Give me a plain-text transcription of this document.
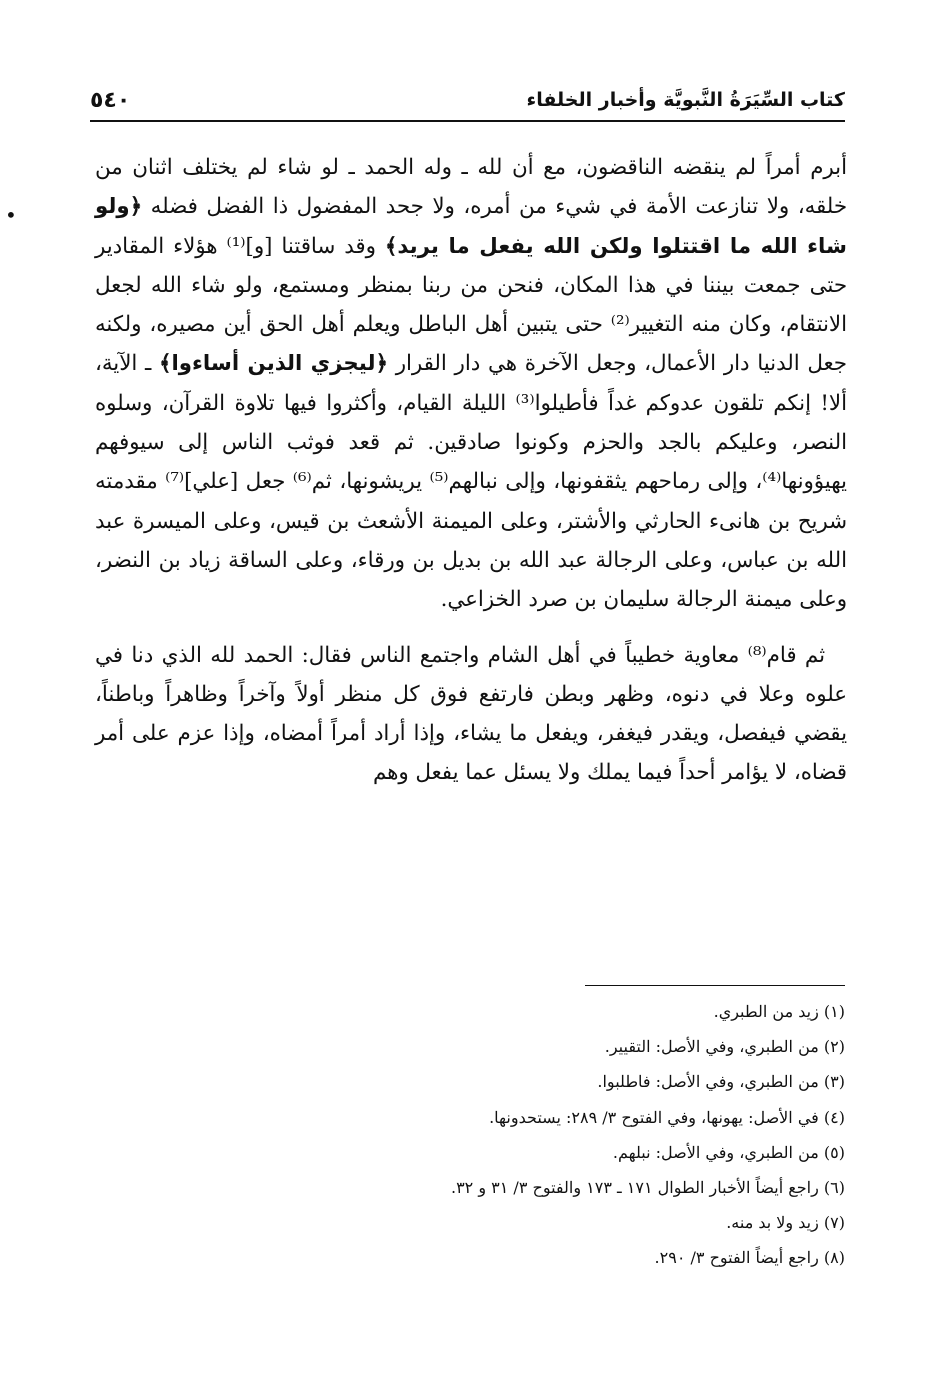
كتاب السِّيَرَةُ النَّبويَّة وأخبار الخلفاء
٥٤٠
•

أبرم أمراً لم ينقضه الناقضون، مع أن لله ـ وله الحمد ـ لو شاء لم يختلف اثنان من خلقه، ولا تنازعت الأمة في شيء من أمره، ولا جحد المفضول ذا الفضل فضله ﴿ولو شاء الله ما اقتتلوا ولكن الله يفعل ما يريد﴾ وقد ساقتنا [و]⁽¹⁾ هؤلاء المقادير حتى جمعت بيننا في هذا المكان، فنحن من ربنا بمنظر ومستمع، ولو شاء الله لجعل الانتقام، وكان منه التغيير⁽²⁾ حتى يتبين أهل الباطل ويعلم أهل الحق أين مصيره، ولكنه جعل الدنيا دار الأعمال، وجعل الآخرة هي دار القرار ﴿ليجزي الذين أساءوا﴾ ـ الآية، ألا! إنكم تلقون عدوكم غداً فأطيلوا⁽³⁾ الليلة القيام، وأكثروا فيها تلاوة القرآن، وسلوه النصر، وعليكم بالجد والحزم وكونوا صادقين. ثم قعد فوثب الناس إلى سيوفهم يهيؤونها⁽⁴⁾، وإلى رماحهم يثقفونها، وإلى نبالهم⁽⁵⁾ يريشونها، ثم⁽⁶⁾ جعل [علي]⁽⁷⁾ مقدمته شريح بن هانىء الحارثي والأشتر، وعلى الميمنة الأشعث بن قيس، وعلى الميسرة عبد الله بن عباس، وعلى الرجالة عبد الله بن بديل بن ورقاء، وعلى الساقة زياد بن النضر، وعلى ميمنة الرجالة سليمان بن صرد الخزاعي.

ثم قام⁽⁸⁾ معاوية خطيباً في أهل الشام واجتمع الناس فقال: الحمد لله الذي دنا في علوه وعلا في دنوه، وظهر وبطن فارتفع فوق كل منظر أولاً وآخراً وظاهراً وباطناً، يقضي فيفصل، ويقدر فيغفر، ويفعل ما يشاء، وإذا أراد أمراً أمضاه، وإذا عزم على أمر قضاه، لا يؤامر أحداً فيما يملك ولا يسئل عما يفعل وهم

(١) زيد من الطبري.
(٢) من الطبري، وفي الأصل: التقيير.
(٣) من الطبري، وفي الأصل: فاطلبوا.
(٤) في الأصل: يهونها، وفي الفتوح ٣/ ٢٨٩: يستحدونها.
(٥) من الطبري، وفي الأصل: نبلهم.
(٦) راجع أيضاً الأخبار الطوال ١٧١ ـ ١٧٣ والفتوح ٣/ ٣١ و ٣٢.
(٧) زيد ولا بد منه.
(٨) راجع أيضاً الفتوح ٣/ ٢٩٠.
